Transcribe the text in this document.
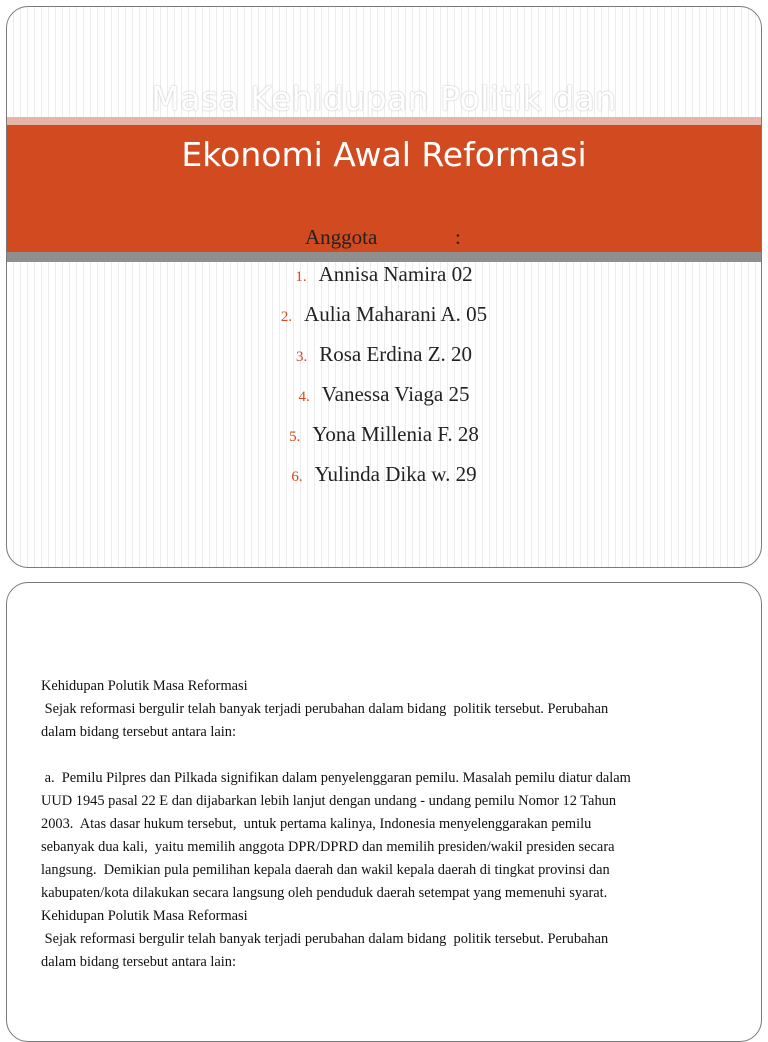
Masa Kehidupan Politik dan
Ekonomi Awal Reformasi
Anggota	:
1. Annisa Namira 02
2. Aulia Maharani A. 05
3. Rosa Erdina Z. 20
4. Vanessa Viaga 25
5. Yona Millenia F. 28
6. Yulinda Dika w. 29

Kehidupan Polutik Masa Reformasi

Sejak reformasi bergulir telah banyak terjadi perubahan dalam bidang  politik tersebut. Perubahan

dalam bidang tersebut antara lain:

a.  Pemilu Pilpres dan Pilkada signifikan dalam penyelenggaran pemilu. Masalah pemilu diatur dalam

UUD 1945 pasal 22 E dan dijabarkan lebih lanjut dengan undang - undang pemilu Nomor 12 Tahun

2003.  Atas dasar hukum tersebut,  untuk pertama kalinya, Indonesia menyelenggarakan pemilu

sebanyak dua kali,  yaitu memilih anggota DPR/DPRD dan memilih presiden/wakil presiden secara

langsung.  Demikian pula pemilihan kepala daerah dan wakil kepala daerah di tingkat provinsi dan

kabupaten/kota dilakukan secara langsung oleh penduduk daerah setempat yang memenuhi syarat.

Kehidupan Polutik Masa Reformasi

Sejak reformasi bergulir telah banyak terjadi perubahan dalam bidang  politik tersebut. Perubahan

dalam bidang tersebut antara lain:
